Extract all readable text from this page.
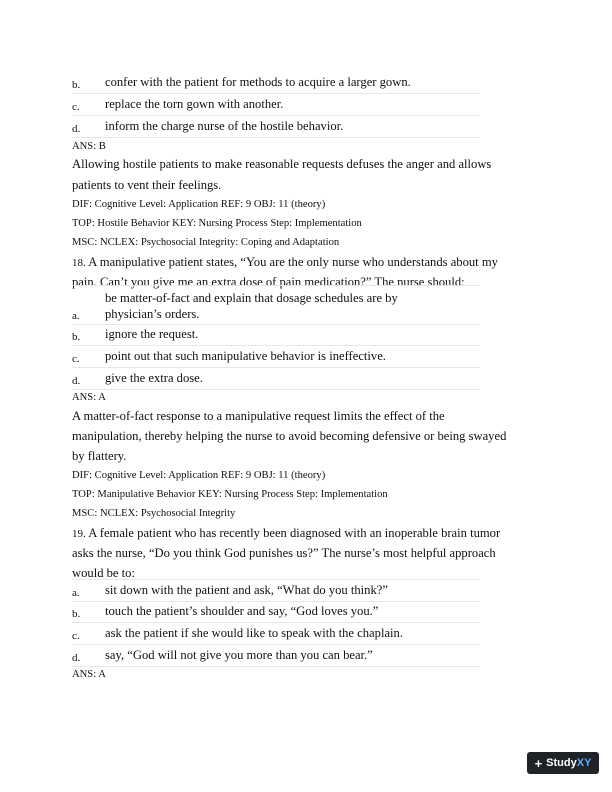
b. confer with the patient for methods to acquire a larger gown.
c. replace the torn gown with another.
d. inform the charge nurse of the hostile behavior.
ANS: B
Allowing hostile patients to make reasonable requests defuses the anger and allows
patients to vent their feelings.
DIF: Cognitive Level: Application REF: 9 OBJ: 11 (theory)
TOP: Hostile Behavior KEY: Nursing Process Step: Implementation
MSC: NCLEX: Psychosocial Integrity: Coping and Adaptation
18. A manipulative patient states, “You are the only nurse who understands about my
pain. Can’t you give me an extra dose of pain medication?” The nurse should:
be matter-of-fact and explain that dosage schedules are by
a. physician’s orders.
b. ignore the request.
c. point out that such manipulative behavior is ineffective.
d. give the extra dose.
ANS: A
A matter-of-fact response to a manipulative request limits the effect of the
manipulation, thereby helping the nurse to avoid becoming defensive or being swayed
by flattery.
DIF: Cognitive Level: Application REF: 9 OBJ: 11 (theory)
TOP: Manipulative Behavior KEY: Nursing Process Step: Implementation
MSC: NCLEX: Psychosocial Integrity
19. A female patient who has recently been diagnosed with an inoperable brain tumor
asks the nurse, “Do you think God punishes us?” The nurse’s most helpful approach
would be to:
a. sit down with the patient and ask, “What do you think?”
b. touch the patient’s shoulder and say, “God loves you.”
c. ask the patient if she would like to speak with the chaplain.
d. say, “God will not give you more than you can bear.”
ANS: A
+ StudyXY
